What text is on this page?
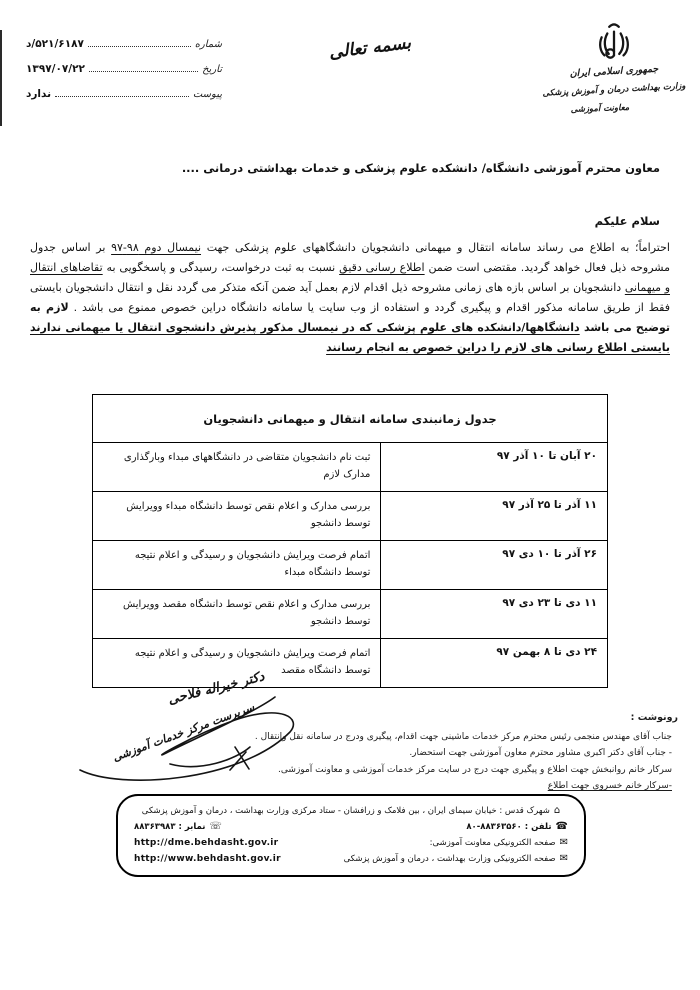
شماره
۵۲۱/۶۱۸۷/د
تاریخ
۱۳۹۷/۰۷/۲۲
پیوست
ندارد
بسمه تعالی
جمهوری اسلامی ایران
وزارت بهداشت درمان و آموزش پزشکی
معاونت آموزشی
معاون محترم آموزشی دانشگاه/ دانشکده علوم پزشکی و خدمات بهداشتی درمانی ....
سلام علیکم

احتراماً؛ به اطلاع می رساند سامانه انتقال و میهمانی دانشجویان دانشگاههای علوم پزشکی جهت نیمسال دوم ۹۸-۹۷ بر اساس جدول مشروحه ذیل فعال خواهد گردید. مقتضی است ضمن اطلاع رسانی دقیق نسبت به ثبت درخواست، رسیدگی و پاسخگویی به تقاضاهای انتقال و میهمانی دانشجویان بر اساس بازه های زمانی مشروحه ذیل اقدام لازم بعمل آید ضمن آنکه متذکر می گردد نقل و انتقال دانشجویان بایستی فقط از طریق سامانه مذکور اقدام و پیگیری گردد و استفاده از وب سایت یا سامانه دانشگاه دراین خصوص ممنوع می باشد . لازم به توضیح می باشد دانشگاهها/دانشکده های علوم پزشکی که در نیمسال مذکور پذیرش دانشجوی انتقال یا میهمانی ندارند بایستی اطلاع رسانی های لازم را دراین خصوص به انجام رسانند

جدول زمانبندی سامانه انتقال و میهمانی دانشجویان	
۲۰ آبان تا ۱۰ آذر ۹۷	ثبت نام دانشجویان متقاضی در دانشگاههای مبداء وبارگذاری مدارک لازم
۱۱ آذر تا ۲۵ آذر ۹۷	بررسی مدارک و اعلام نقص توسط دانشگاه مبداء وویرایش توسط دانشجو
۲۶ آذر تا ۱۰ دی ۹۷	اتمام فرصت ویرایش دانشجویان و رسیدگی و اعلام نتیجه توسط دانشگاه مبداء
۱۱ دی تا ۲۳ دی ۹۷	بررسی مدارک و اعلام نقص توسط دانشگاه مقصد وویرایش توسط دانشجو
۲۴ دی تا ۸ بهمن ۹۷	اتمام فرصت ویرایش دانشجویان و رسیدگی و اعلام نتیجه توسط دانشگاه مقصد
دکتر خیراله فلاحی
سرپرست مرکز خدمات آموزشی	رونوشت :
جناب آقای مهندس منجمی رئیس محترم مرکز خدمات ماشینی جهت اقدام، پیگیری ودرج در سامانه نقل وانتقال .
- جناب آقای دکتر اکبری مشاور محترم معاون آموزشی جهت استحضار.
سرکار خانم روانبخش جهت اطلاع و پیگیری جهت درج در سایت مرکز خدمات آموزشی و معاونت آموزشی.
-سرکار خانم خسروی جهت اطلاع
⌂
شهرک قدس : خیابان سیمای ایران ، بین فلامک و زرافشان - ستاد مرکزی وزارت بهداشت ، درمان و آموزش پزشکی
☎
تلفن : ۸۸۳۶۳۵۶۰-۸۰
☏
نمابر : ۸۸۳۶۳۹۸۳
✉
صفحه الکترونیکی معاونت آموزشی:
http://dme.behdasht.gov.ir
✉
صفحه الکترونیکی وزارت بهداشت ، درمان و آموزش پزشکی
http://www.behdasht.gov.ir
